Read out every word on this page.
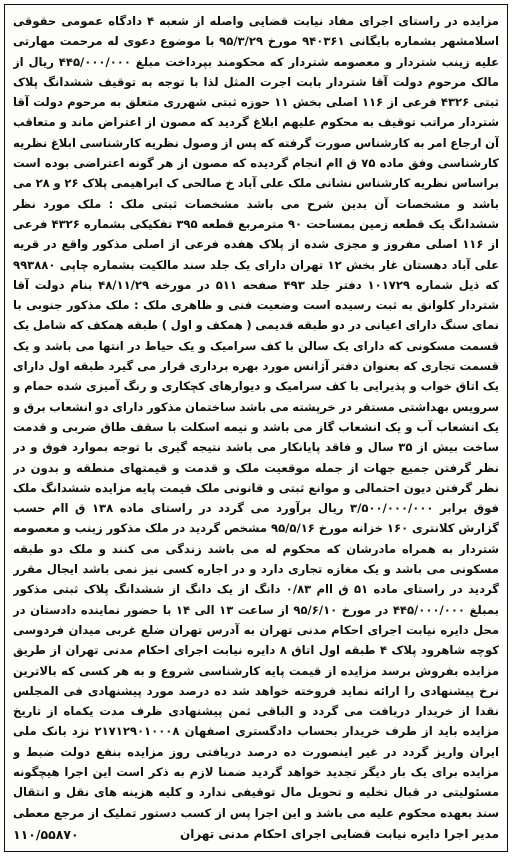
مزایده در راستای اجرای مفاد نیابت قضایی واصله از شعبه ۴ دادگاه عمومی حقوقی اسلامشهر بشماره بایگانی ۹۴۰۳۶۱ مورخ ۹۵/۳/۲۹ با موضوع دعوی له مرحمت مهارتی علیه زینب شتردار و معصومه شتردار که محکومند بپرداخت مبلغ ۴۴۵/۰۰۰/۰۰۰ ریال از مالک مرحوم دولت آقا شتردار بابت اجرت المثل لذا با توجه به توقیف ششدانگ پلاک ثبتی ۴۳۲۶ فرعی از ۱۱۶ اصلی بخش ۱۱ حوزه ثبتی شهرری متعلق به مرحوم دولت آقا شتردار مراتب توقیف به محکوم علیهم ابلاغ گردید که مصون از اعتراض ماند و متعاقب آن ارجاع امر به کارشناس صورت گرفته که پس از وصول نظریه کارشناسی ابلاغ نظریه کارشناسی وفق ماده ۷۵ ق اام انجام گردیده که مصون از هر گونه اعتراضی بوده است براساس نظریه کارشناس نشانی ملک علی آباد خ صالحی ک ابراهیمی پلاک ۲۶ و ۲۸ می باشد و مشخصات آن بدین شرح می باشد مشخصات ثبتی ملک : ملک مورد نظر ششدانگ یک قطعه زمین بمساحت ۹۰ مترمربع قطعه ۳۹۵ تفکیکی بشماره ۴۳۲۶ فرعی از ۱۱۶ اصلی مفروز و مجزی شده از پلاک هفده فرعی از اصلی مذکور واقع در قریه علی آباد دهستان غار بخش ۱۲ تهران دارای یک جلد سند مالکیت بشماره چاپی ۹۹۳۸۸۰ که ذیل شماره ۱۰۱۷۲۹ دفتر جلد ۴۹۳ صفحه ۵۱۱ در مورخه ۴۸/۱۱/۲۹ بنام دولت آقا شتردار کلوانق به ثبت رسیده است وضعیت فنی و ظاهری ملک : ملک مذکور جنوبی با نمای سنگ دارای اعیانی در دو طبقه قدیمی ( همکف و اول ) طبقه همکف که شامل یک قسمت مسکونی که دارای یک سالن با کف سرامیک و یک حیاط در انتها می باشد و یک قسمت تجاری که بعنوان دفتر آژانس مورد بهره برداری قرار می گیرد طبقه اول دارای یک اتاق خواب و پذیرایی با کف سرامیک و دیوارهای کچکاری و رنگ آمیزی شده حمام و سرویس بهداشتی مستقر در خرپشته می باشد ساختمان مذکور دارای دو انشعاب برق و یک انشعاب آب و یک انشعاب گاز می باشد و نیمه اسکلت با سقف طاق ضربی و قدمت ساخت بیش از ۳۵ سال و فاقد پایانکار می باشد نتیجه گیری با توجه بموارد فوق و در نظر گرفتن جمیع جهات از جمله موقعیت ملک و قدمت و قیمتهای منطقه و بدون در نظر گرفتن دیون احتمالی و موانع ثبتی و قانونی ملک قیمت پایه مزایده ششدانگ ملک فوق برابر ۳/۵۰۰/۰۰۰/۰۰۰ ریال برآورد می گردد در راستای ماده ۱۳۸ ق اام حسب گزارش کلانتری ۱۶۰ خزانه مورخ ۹۵/۵/۱۶ مشخص گردید در ملک مذکور زینب و معصومه شتردار به همراه مادرشان که محکوم له می باشد زندگی می کنند و ملک دو طبقه مسکونی می باشد و یک مغازه تجاری دارد و در اجاره کسی نیز نمی باشد ایجال مقرر گردید در راستای ماده ۵۱ ق اام ۰/۸۳ دانگ از یک دانگ از ششدانگ پلاک ثبتی مذکور بمبلغ ۴۴۵/۰۰۰/۰۰۰ در مورخ ۹۵/۶/۱۰ از ساعت ۱۳ الی ۱۴ با حضور نماینده دادستان در محل دایره نیابت اجرای احکام مدنی تهران به آدرس تهران ضلع غربی میدان فردوسی کوچه شاهرود پلاک ۴ طبقه اول اتاق ۸ دایره نیابت اجرای احکام مدنی تهران از طریق مزایده بفروش برسد مزایده از قیمت پایه کارشناسی شروع و به هر کسی که بالاترین نرخ پیشنهادی را ارائه نماید فروخته خواهد شد ده درصد مورد پیشنهادی فی المجلس نقدا از خریدار دریافت می گردد و الباقی ثمن پیشنهادی ظرف مدت یکماه از تاریخ مزایده باید از طرف خریدار بحساب دادگستری اصفهان ۲۱۷۱۲۹۰۱۰۰۰۸ نزد بانک ملی ایران واریز گردد در غیر اینصورت ده درصد دریافتی روز مزایده بنفع دولت ضبط و مزایده برای یک بار دیگر تجدید خواهد گردید ضمنا لازم به ذکر است این اجرا هیچگونه مسئولیتی در قبال تخلیه و تحویل مال توقیفی ندارد و کلیه هزینه های نقل و انتقال سند بعهده محکوم علیه می باشد و این اجرا پس از کسب دستور تملیک از مرجع معطی

مدیر اجرا دایره نیابت قضایی اجرای احکام مدنی تهران
۱۱۰/۵۵۸۷۰
